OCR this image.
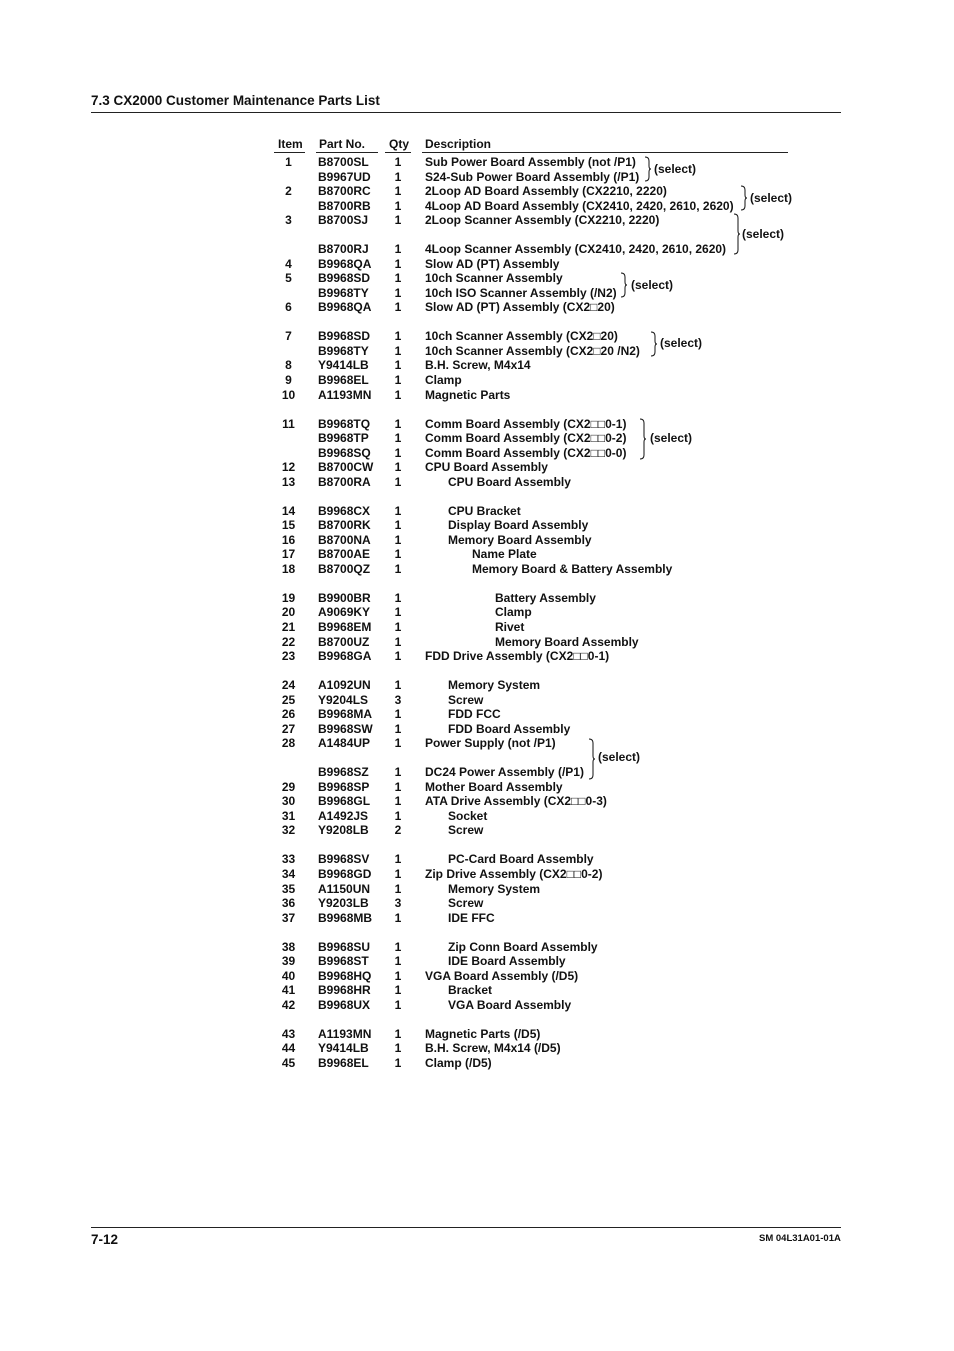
7.3 CX2000 Customer Maintenance Parts List
Item Part No. Qty Description
1	B8700SL	1	Sub Power Board Assembly (not /P1)
B9967UD	1	S24-Sub Power Board Assembly (/P1)
2	B8700RC	1	2Loop AD Board Assembly (CX2210, 2220)
B8700RB	1	4Loop AD Board Assembly (CX2410, 2420, 2610, 2620)
3	B8700SJ	1	2Loop Scanner Assembly (CX2210, 2220)
B8700RJ	1	4Loop Scanner Assembly (CX2410, 2420, 2610, 2620)
4	B9968QA	1	Slow AD (PT) Assembly
5	B9968SD	1	10ch Scanner Assembly
B9968TY	1	10ch ISO Scanner Assembly (/N2)
6	B9968QA	1	Slow AD (PT) Assembly (CX2□20)
7	B9968SD	1	10ch Scanner Assembly (CX2□20)
B9968TY	1	10ch Scanner Assembly (CX2□20 /N2)
8	Y9414LB	1	B.H. Screw, M4x14
9	B9968EL	1	Clamp
10	A1193MN	1	Magnetic Parts
11	B9968TQ	1	Comm Board Assembly (CX2□□0-1)
B9968TP	1	Comm Board Assembly (CX2□□0-2)
B9968SQ	1	Comm Board Assembly (CX2□□0-0)
12	B8700CW	1	CPU Board Assembly
13	B8700RA	1	CPU Board Assembly
14	B9968CX	1	CPU Bracket
15	B8700RK	1	Display Board Assembly
16	B8700NA	1	Memory Board Assembly
17	B8700AE	1	Name Plate
18	B8700QZ	1	Memory Board & Battery Assembly
19	B9900BR	1	Battery Assembly
20	A9069KY	1	Clamp
21	B9968EM	1	Rivet
22	B8700UZ	1	Memory Board Assembly
23	B9968GA	1	FDD Drive Assembly (CX2□□0-1)
24	A1092UN	1	Memory System
25	Y9204LS	3	Screw
26	B9968MA	1	FDD FCC
27	B9968SW	1	FDD Board Assembly
28	A1484UP	1	Power Supply (not /P1)
B9968SZ	1	DC24 Power Assembly (/P1)
29	B9968SP	1	Mother Board Assembly
30	B9968GL	1	ATA Drive Assembly (CX2□□0-3)
31	A1492JS	1	Socket
32	Y9208LB	2	Screw
33	B9968SV	1	PC-Card Board Assembly
34	B9968GD	1	Zip Drive Assembly (CX2□□0-2)
35	A1150UN	1	Memory System
36	Y9203LB	3	Screw
37	B9968MB	1	IDE FFC
38	B9968SU	1	Zip Conn Board Assembly
39	B9968ST	1	IDE Board Assembly
40	B9968HQ	1	VGA Board Assembly (/D5)
41	B9968HR	1	Bracket
42	B9968UX	1	VGA Board Assembly
43	A1193MN	1	Magnetic Parts (/D5)
44	Y9414LB	1	B.H. Screw, M4x14 (/D5)
45	B9968EL	1	Clamp (/D5)
(select)
(select)
(select)
(select)
(select)
(select)
(select)
7-12	SM 04L31A01-01A
